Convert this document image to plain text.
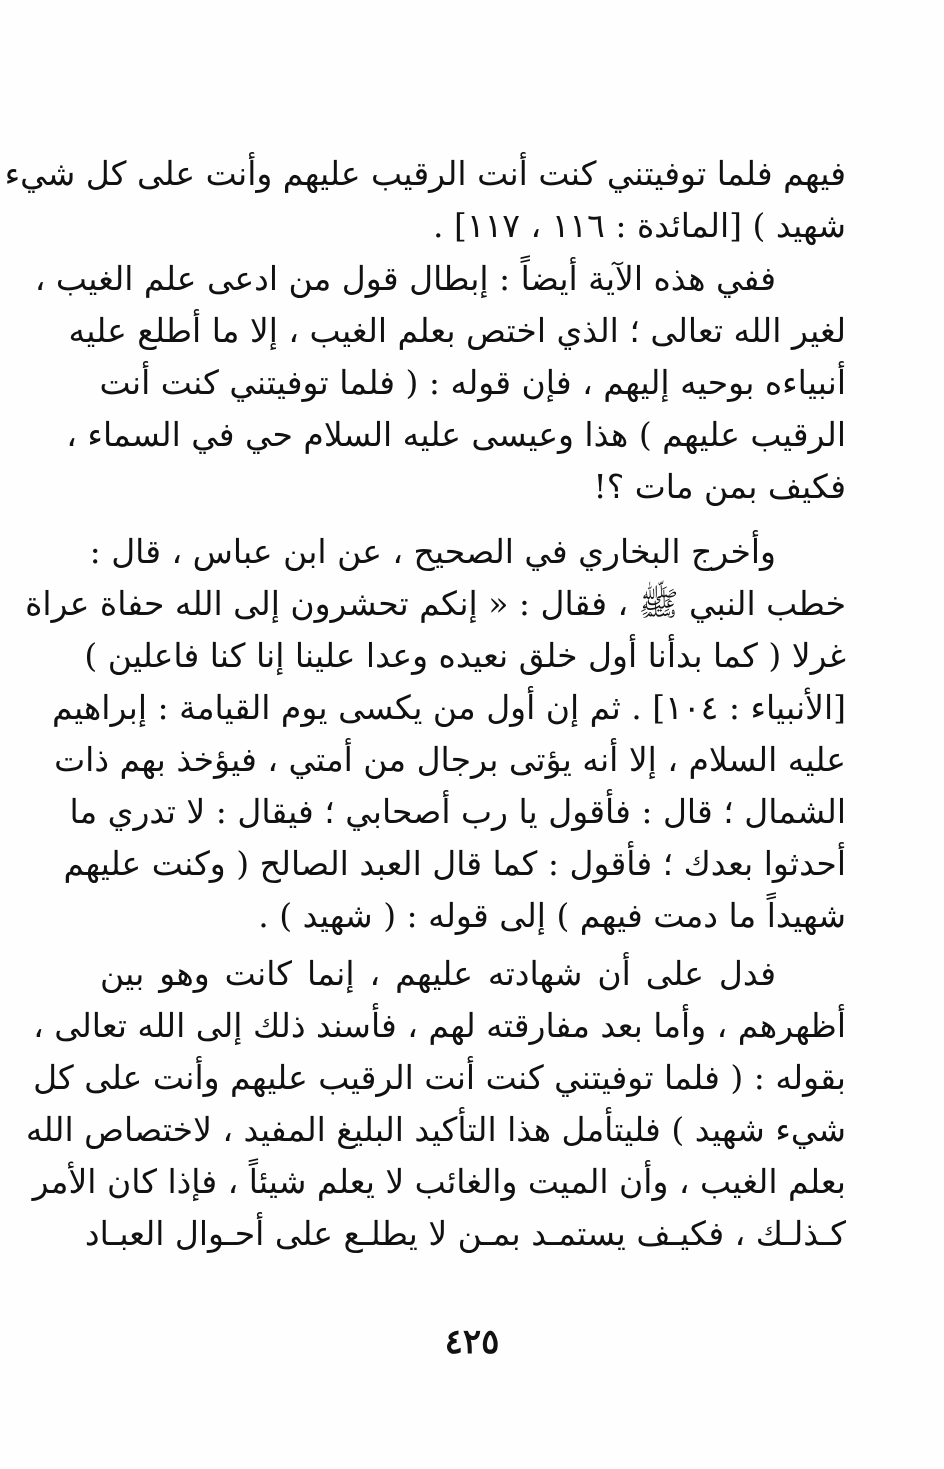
فيهم فلما توفيتني كنت أنت الرقيب عليهم وأنت على كل شيء
شهيد ) [المائدة : ١١٦ ، ١١٧] .
ففي هذه الآية أيضاً : إبطال قول من ادعى علم الغيب ،
لغير الله تعالى ؛ الذي اختص بعلم الغيب ، إلا ما أطلع عليه
أنبياءه بوحيه إليهم ، فإن قوله : ( فلما توفيتني كنت أنت
الرقيب عليهم ) هذا وعيسى عليه السلام حي في السماء ،
فكيف بمن مات ؟!
وأخرج البخاري في الصحيح ، عن ابن عباس ، قال :
خطب النبي ﷺ ، فقال : « إنكم تحشرون إلى الله حفاة عراة
غرلا ( كما بدأنا أول خلق نعيده وعدا علينا إنا كنا فاعلين )
[الأنبياء : ١٠٤] . ثم إن أول من يكسى يوم القيامة : إبراهيم
عليه السلام ، إلا أنه يؤتى برجال من أمتي ، فيؤخذ بهم ذات
الشمال ؛ قال : فأقول يا رب أصحابي ؛ فيقال : لا تدري ما
أحدثوا بعدك ؛ فأقول : كما قال العبد الصالح ( وكنت عليهم
شهيداً ما دمت فيهم ) إلى قوله : ( شهيد ) .
فدل على أن شهادته عليهم ، إنما كانت وهو بين
أظهرهم ، وأما بعد مفارقته لهم ، فأسند ذلك إلى الله تعالى ،
بقوله : ( فلما توفيتني كنت أنت الرقيب عليهم وأنت على كل
شيء شهيد ) فليتأمل هذا التأكيد البليغ المفيد ، لاختصاص الله
بعلم الغيب ، وأن الميت والغائب لا يعلم شيئاً ، فإذا كان الأمر
كـذلـك ، فكيـف يستمـد بمـن لا يطلـع على أحـوال العبـاد
٤٢٥
